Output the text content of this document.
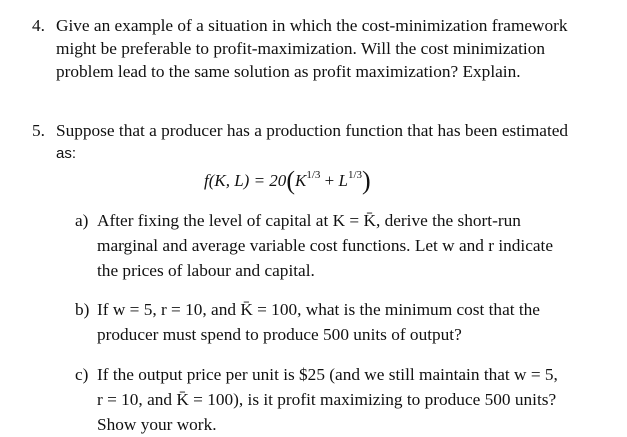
4. Give an example of a situation in which the cost-minimization framework
might be preferable to profit-maximization. Will the cost minimization
problem lead to the same solution as profit maximization? Explain.
5. Suppose that a producer has a production function that has been estimated
as:
f(K, $L) = 20(K^{1/3} + L^{1/3})$
a) After fixing the level of capital at K = K̄, derive the short-run
marginal and average variable cost functions. Let w and r indicate
the prices of labour and capital.
b) If w = 5, r = 10, and K̄ = 100, what is the minimum cost that the
producer must spend to produce 500 units of output?
c) If the output price per unit is $25 (and we still maintain that w = 5,
r = 10, and K̄ = 100), is it profit maximizing to produce 500 units?
Show your work.
